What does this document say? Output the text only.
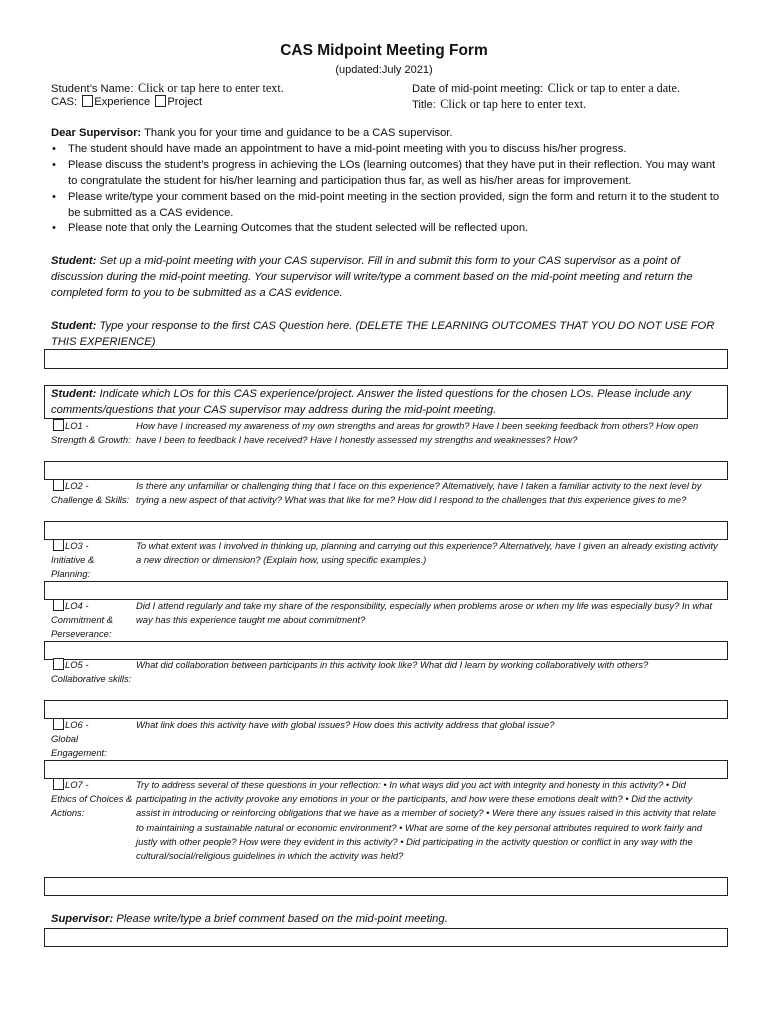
CAS Midpoint Meeting Form
(updated:July 2021)
Student’s Name: Click or tap here to enter text.	Date of mid-point meeting: Click or tap to enter a date.
CAS: Experience Project	Title: Click or tap here to enter text.
Dear Supervisor: Thank you for your time and guidance to be a CAS supervisor.
• The student should have made an appointment to have a mid-point meeting with you to discuss his/her progress.
• Please discuss the student’s progress in achieving the LOs (learning outcomes) that they have put in their reflection. You may want to congratulate the student for his/her learning and participation thus far, as well as his/her areas for improvement.
• Please write/type your comment based on the mid-point meeting in the section provided, sign the form and return it to the student to be submitted as a CAS evidence.
• Please note that only the Learning Outcomes that the student selected will be reflected upon.
Student: Set up a mid-point meeting with your CAS supervisor. Fill in and submit this form to your CAS supervisor as a point of discussion during the mid-point meeting. Your supervisor will write/type a comment based on the mid-point meeting and return the completed form to you to be submitted as a CAS evidence.
Student: Type your response to the first CAS Question here. (DELETE THE LEARNING OUTCOMES THAT YOU DO NOT USE FOR THIS EXPERIENCE)
Student: Indicate which LOs for this CAS experience/project. Answer the listed questions for the chosen LOs. Please include any comments/questions that your CAS supervisor may address during the mid-point meeting.
LO1 -
Strength & Growth:
How have I increased my awareness of my own strengths and areas for growth? Have I been seeking feedback from others? How open have I been to feedback I have received? Have I honestly assessed my strengths and weaknesses? How?
LO2 -
Challenge & Skills:
Is there any unfamiliar or challenging thing that I face on this experience? Alternatively, have I taken a familiar activity to the next level by trying a new aspect of that activity? What was that like for me? How did I respond to the challenges that this experience gives to me?
LO3 -
Initiative & Planning:
To what extent was I involved in thinking up, planning and carrying out this experience? Alternatively, have I given an already existing activity a new direction or dimension? (Explain how, using specific examples.)
LO4 -
Commitment & Perseverance:
Did I attend regularly and take my share of the responsibility, especially when problems arose or when my life was especially busy? In what way has this experience taught me about commitment?
LO5 -
Collaborative skills:
What did collaboration between participants in this activity look like? What did I learn by working collaboratively with others?
LO6 -
Global Engagement:
What link does this activity have with global issues? How does this activity address that global issue?
LO7 -
Ethics of Choices & Actions:
Try to address several of these questions in your reflection: • In what ways did you act with integrity and honesty in this activity? • Did participating in the activity provoke any emotions in your or the participants, and how were these emotions dealt with? • Did the activity assist in introducing or reinforcing obligations that we have as a member of society? • Were there any issues raised in this activity that relate to maintaining a sustainable natural or economic environment? • What are some of the key personal attributes required to work fairly and justly with other people? How were they evident in this activity? • Did participating in the activity question or conflict in any way with the cultural/social/religious guidelines in which the activity was held?
Supervisor: Please write/type a brief comment based on the mid-point meeting.
